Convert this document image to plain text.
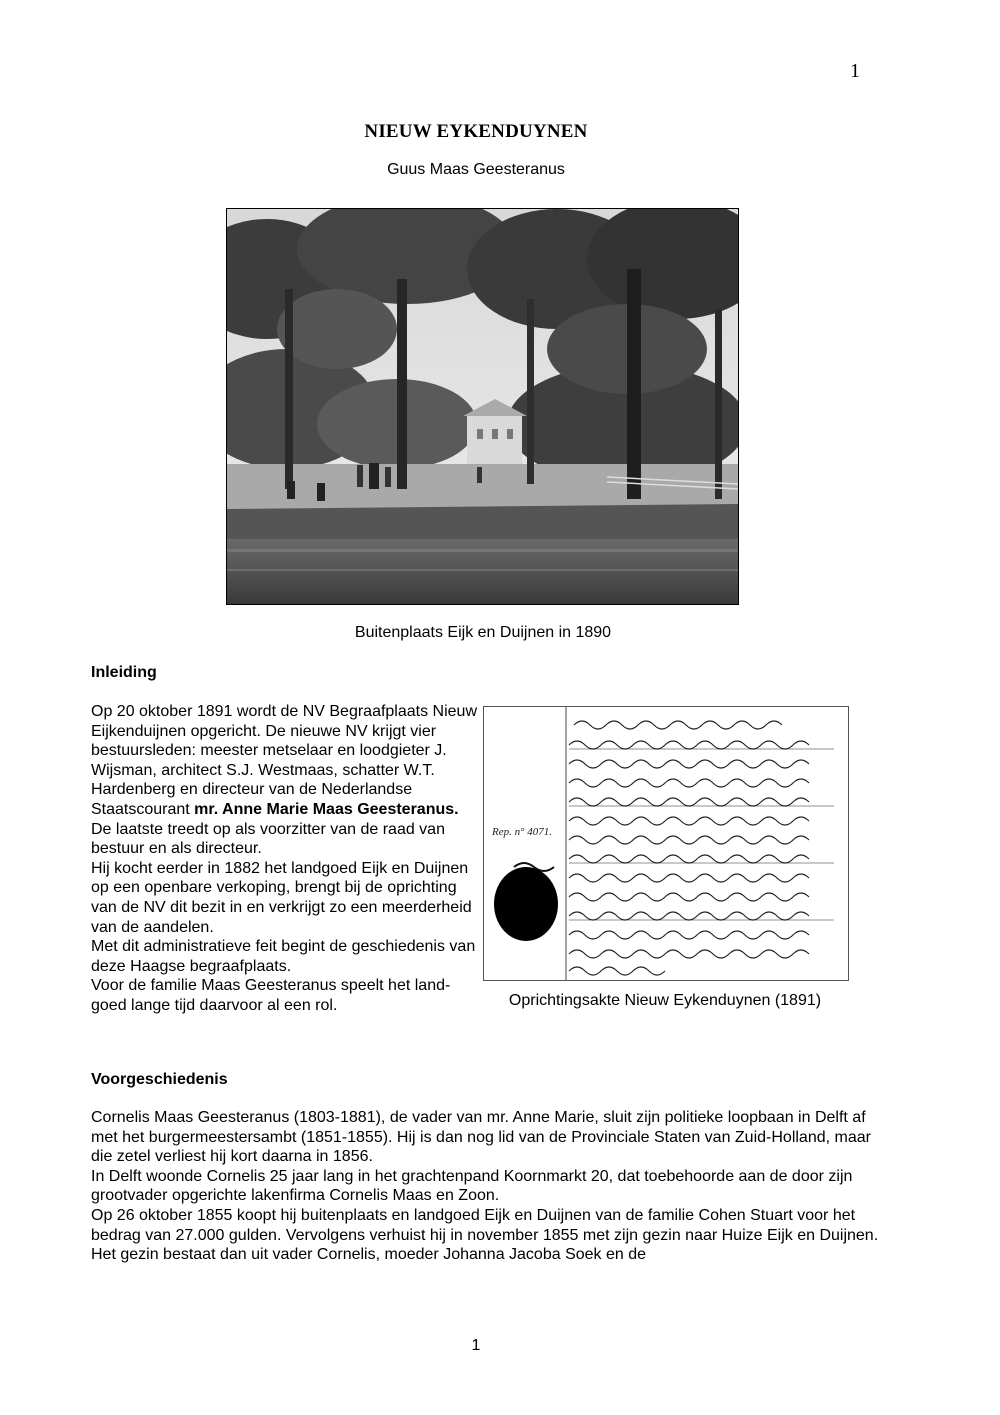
1
NIEUW EYKENDUYNEN
Guus Maas Geesteranus
Buitenplaats Eijk en Duijnen in 1890
Inleiding

Op 20 oktober 1891 wordt de NV Begraafplaats Nieuw Eijkenduijnen opgericht. De nieuwe NV krijgt vier bestuursleden: meester metselaar en loodgieter J. Wijsman, architect S.J. Westmaas, schatter W.T. Hardenberg en directeur van de Nederlandse Staatscourant mr. Anne Marie Maas Geesteranus. De laatste treedt op als voorzitter van de raad van bestuur en als directeur.

Hij kocht eerder in 1882 het landgoed Eijk en Duijnen op een openbare verkoping, brengt bij de oprichting van de NV dit bezit in en verkrijgt zo een meerderheid van de aandelen.

Met dit administratieve feit begint de geschiedenis van deze Haagse begraafplaats.

Voor de familie Maas Geesteranus speelt het land-goed lange tijd daarvoor al een rol.

Rep. n° 4071.
Oprichtingsakte Nieuw Eykenduynen (1891)
Voorgeschiedenis

Cornelis Maas Geesteranus (1803-1881), de vader van mr. Anne Marie, sluit zijn politieke loopbaan in Delft af met het burgermeestersambt (1851-1855). Hij is dan nog lid van de Provinciale Staten van Zuid-Holland, maar die zetel verliest hij kort daarna in 1856.

In Delft woonde Cornelis 25 jaar lang in het grachtenpand Koornmarkt 20, dat toebehoorde aan de door zijn grootvader opgerichte lakenfirma Cornelis Maas en Zoon.

Op 26 oktober 1855 koopt hij buitenplaats en landgoed Eijk en Duijnen van de familie Cohen Stuart voor het bedrag van 27.000 gulden. Vervolgens verhuist hij in november 1855 met zijn gezin naar Huize Eijk en Duijnen. Het gezin bestaat dan uit vader Cornelis, moeder Johanna Jacoba Soek en de

1
